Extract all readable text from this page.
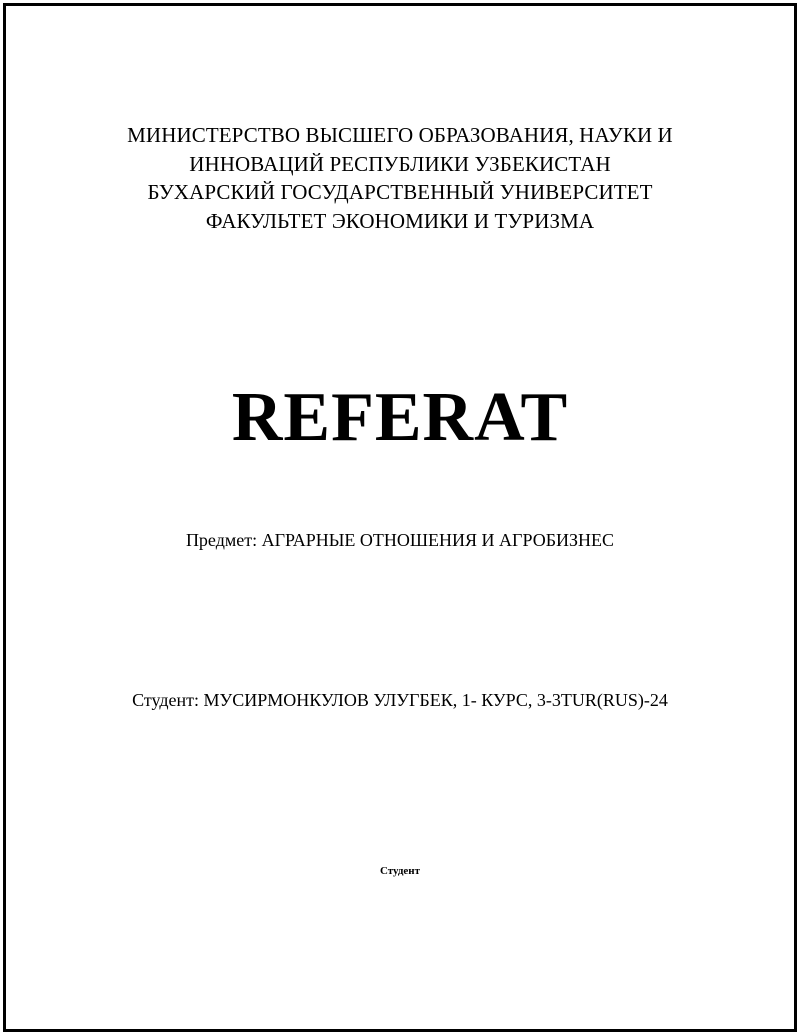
МИНИСТЕРСТВО ВЫСШЕГО ОБРАЗОВАНИЯ, НАУКИ И
ИННОВАЦИЙ РЕСПУБЛИКИ УЗБЕКИСТАН
БУХАРСКИЙ ГОСУДАРСТВЕННЫЙ УНИВЕРСИТЕТ
ФАКУЛЬТЕТ ЭКОНОМИКИ И ТУРИЗМА
REFERAT
Предмет: АГРАРНЫЕ ОТНОШЕНИЯ И АГРОБИЗНЕС
Студент: МУСИРМОНКУЛОВ УЛУГБЕК, 1- КУРС, 3-3TUR(RUS)-24
Студент
